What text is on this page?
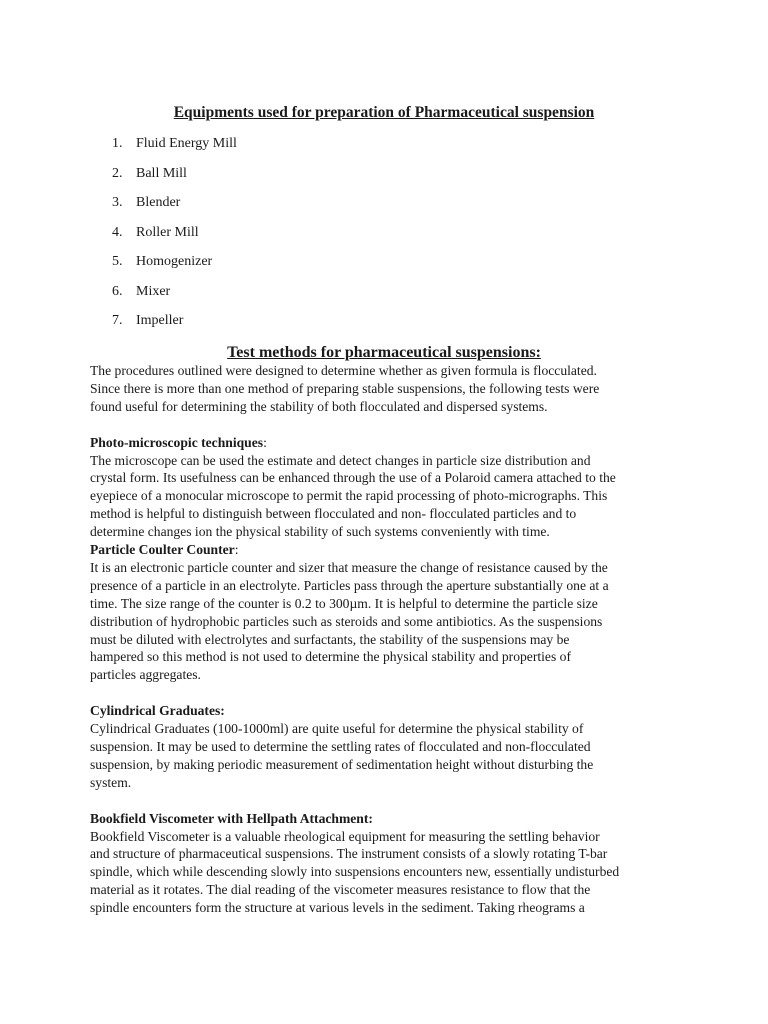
Equipments used for preparation of Pharmaceutical suspension
1. Fluid Energy Mill
2. Ball Mill
3. Blender
4. Roller Mill
5. Homogenizer
6. Mixer
7. Impeller
Test methods for pharmaceutical suspensions:

The procedures outlined were designed to determine whether as given formula is flocculated.
Since there is more than one method of preparing stable suspensions, the following tests were
found useful for determining the stability of both flocculated and dispersed systems.

Photo-microscopic techniques:
The microscope can be used the estimate and detect changes in particle size distribution and
crystal form. Its usefulness can be enhanced through the use of a Polaroid camera attached to the
eyepiece of a monocular microscope to permit the rapid processing of photo-micrographs. This
method is helpful to distinguish between flocculated and non- flocculated particles and to
determine changes ion the physical stability of such systems conveniently with time.

Particle Coulter Counter:
It is an electronic particle counter and sizer that measure the change of resistance caused by the
presence of a particle in an electrolyte. Particles pass through the aperture substantially one at a
time. The size range of the counter is 0.2 to 300µm. It is helpful to determine the particle size
distribution of hydrophobic particles such as steroids and some antibiotics. As the suspensions
must be diluted with electrolytes and surfactants, the stability of the suspensions may be
hampered so this method is not used to determine the physical stability and properties of
particles aggregates.

Cylindrical Graduates:
Cylindrical Graduates (100-1000ml) are quite useful for determine the physical stability of
suspension. It may be used to determine the settling rates of flocculated and non-flocculated
suspension, by making periodic measurement of sedimentation height without disturbing the
system.

Bookfield Viscometer with Hellpath Attachment:
Bookfield Viscometer is a valuable rheological equipment for measuring the settling behavior
and structure of pharmaceutical suspensions. The instrument consists of a slowly rotating T-bar
spindle, which while descending slowly into suspensions encounters new, essentially undisturbed
material as it rotates. The dial reading of the viscometer measures resistance to flow that the
spindle encounters form the structure at various levels in the sediment. Taking rheograms a
